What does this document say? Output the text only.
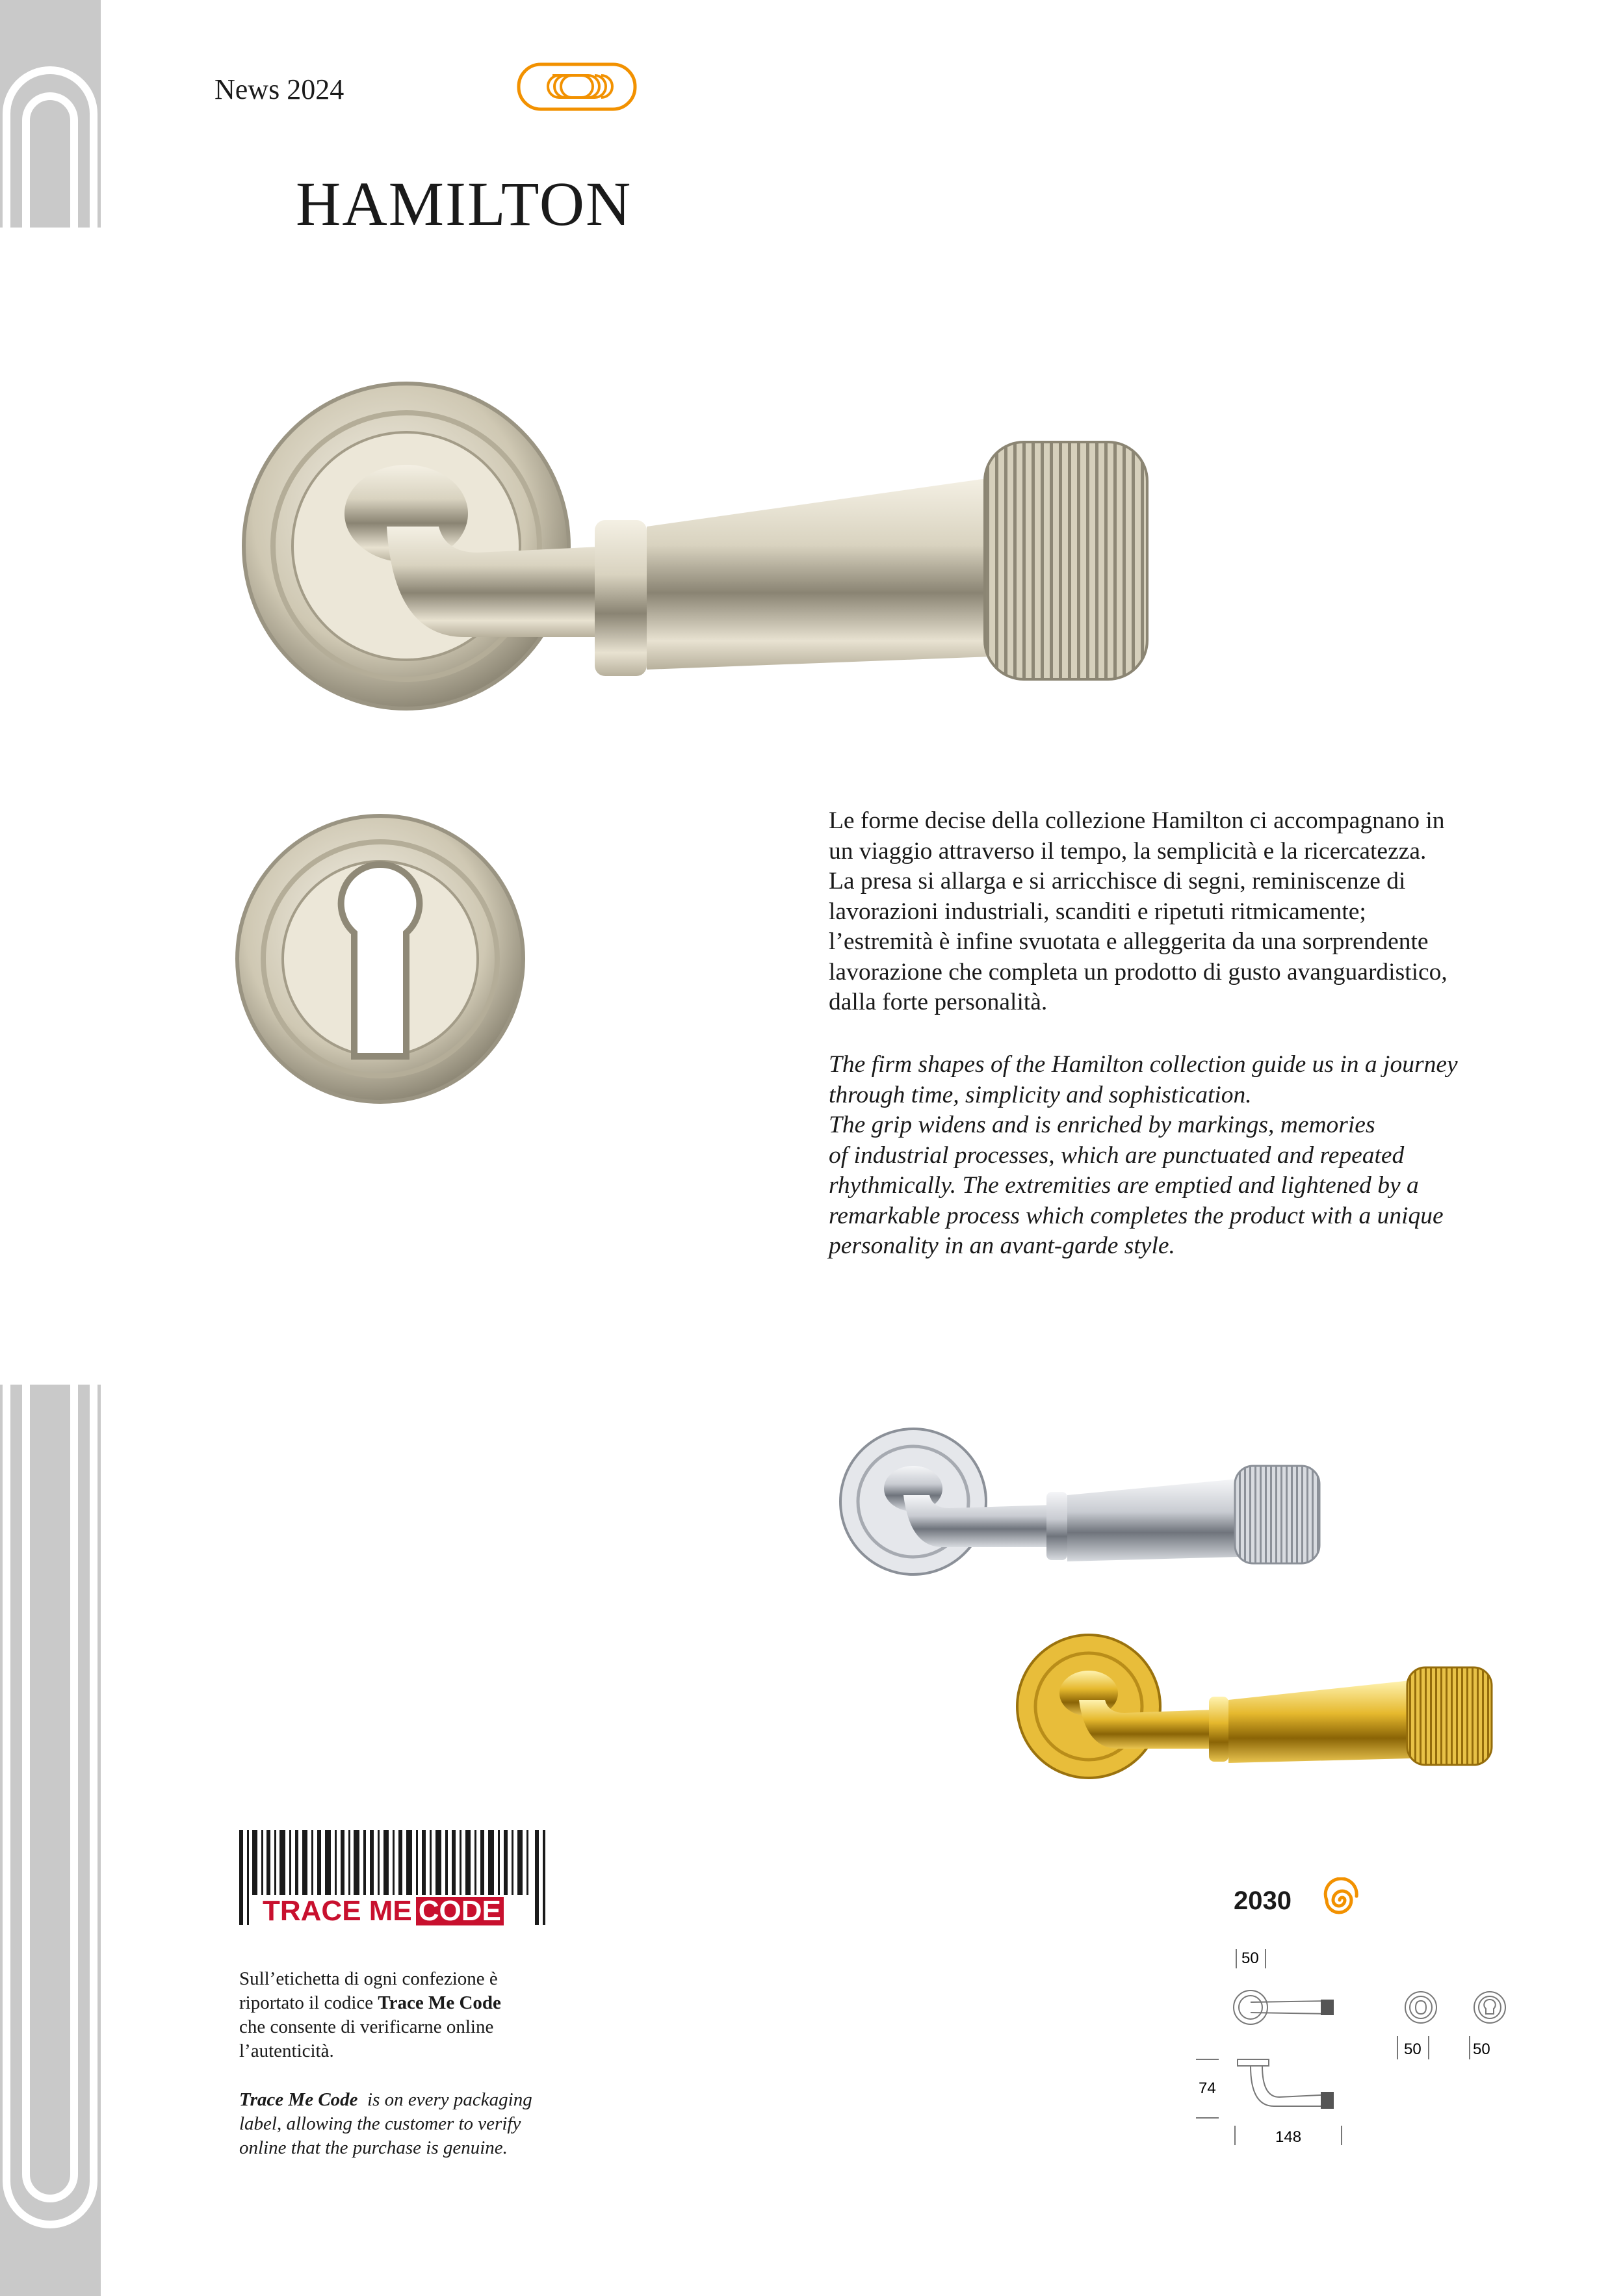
News 2024
HAMILTON

Le forme decise della collezione Hamilton ci accompagnano in

un viaggio attraverso il tempo, la semplicità e la ricercatezza.

La presa si allarga e si arricchisce di segni, reminiscenze di

lavorazioni industriali, scanditi e ripetuti ritmicamente;

l’estremità è infine svuotata e alleggerita da una sorprendente

lavorazione che completa un prodotto di gusto avanguardistico,

dalla forte personalità.

The firm shapes of the Hamilton collection guide us in a journey

through time, simplicity and sophistication.

The grip widens and is enriched by markings, memories

of industrial processes, which are punctuated and repeated

rhythmically. The extremities are emptied and lightened by a

remarkable process which completes the product with a unique

personality in an avant-garde style.

TRACE ME CODE
Sull’etichetta di ogni confezione è
riportato il codice Trace Me Code
che consente di verificarne online
l’autenticità.
Trace Me Code  is on every packaging
label, allowing the customer to verify
online that the purchase is genuine.
2030
50
50	50
74
148
